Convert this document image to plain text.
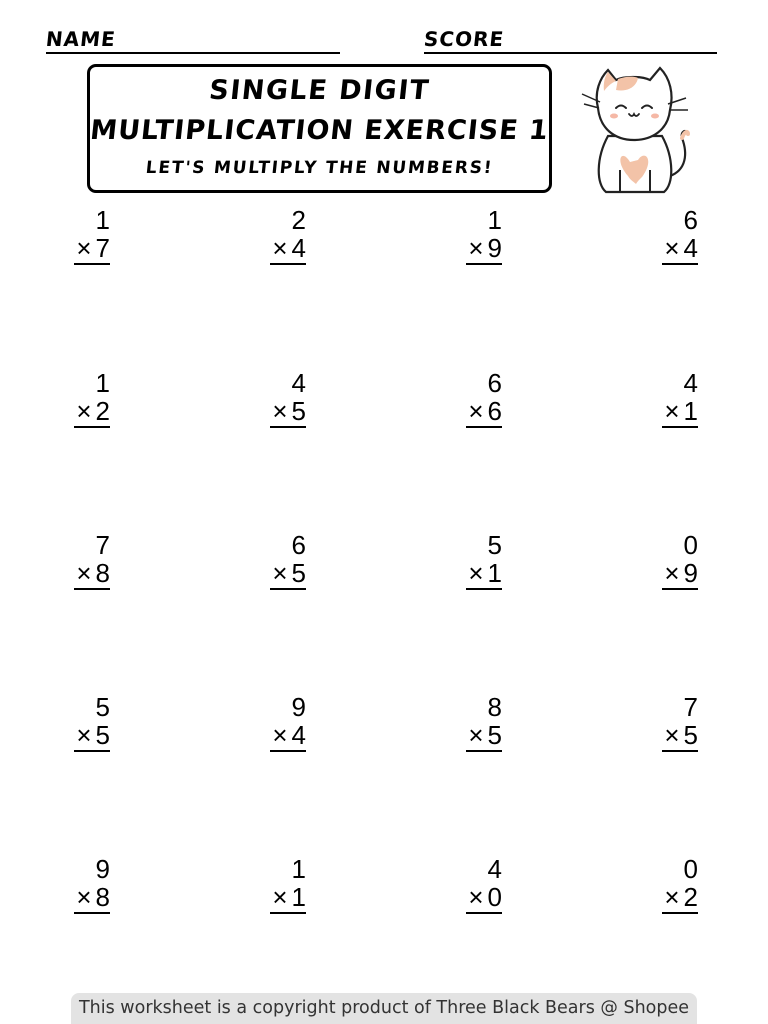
NAME	SCORE
SINGLE DIGIT
MULTIPLICATION EXERCISE 1
LET'S MULTIPLY THE NUMBERS!
1
× 7
2
× 4
1
× 9
6
× 4
1
× 2
4
× 5
6
× 6
4
× 1
7
× 8
6
× 5
5
× 1
0
× 9
5
× 5
9
× 4
8
× 5
7
× 5
9
× 8
1
× 1
4
× 0
0
× 2
This worksheet is a copyright product of Three Black Bears @ Shopee
